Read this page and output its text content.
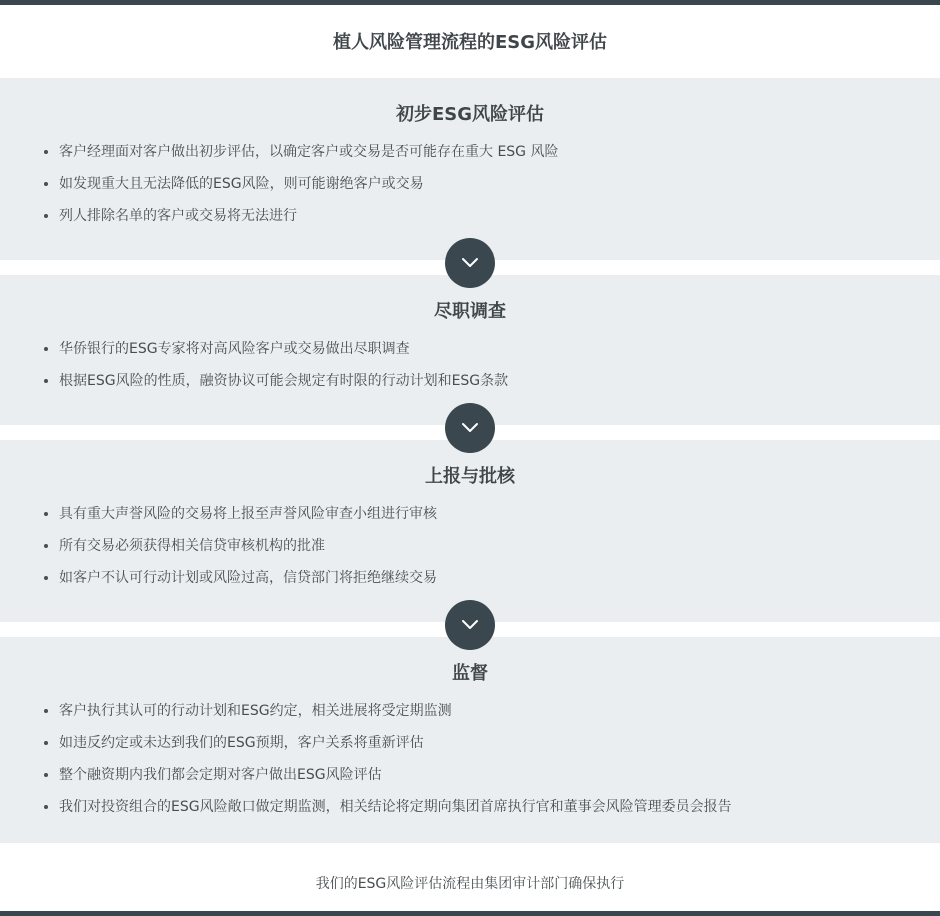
植人风险管理流程的ESG风险评估
初步ESG风险评估
客户经理面对客户做出初步评估，以确定客户或交易是否可能存在重大 ESG 风险
如发现重大且无法降低的ESG风险，则可能谢绝客户或交易
列人排除名单的客户或交易将无法进行
尽职调查
华侨银行的ESG专家将对高风险客户或交易做出尽职调查
根据ESG风险的性质，融资协议可能会规定有时限的行动计划和ESG条款
上报与批核
具有重大声誉风险的交易将上报至声誉风险审查小组进行审核
所有交易必须获得相关信贷审核机构的批准
如客户不认可行动计划或风险过高，信贷部门将拒绝继续交易
监督
客户执行其认可的行动计划和ESG约定，相关进展将受定期监测
如违反约定或未达到我们的ESG预期，客户关系将重新评估
整个融资期内我们都会定期对客户做出ESG风险评估
我们对投资组合的ESG风险敞口做定期监测，相关结论将定期向集团首席执行官和董事会风险管理委员会报告
我们的ESG风险评估流程由集团审计部门确保执行
